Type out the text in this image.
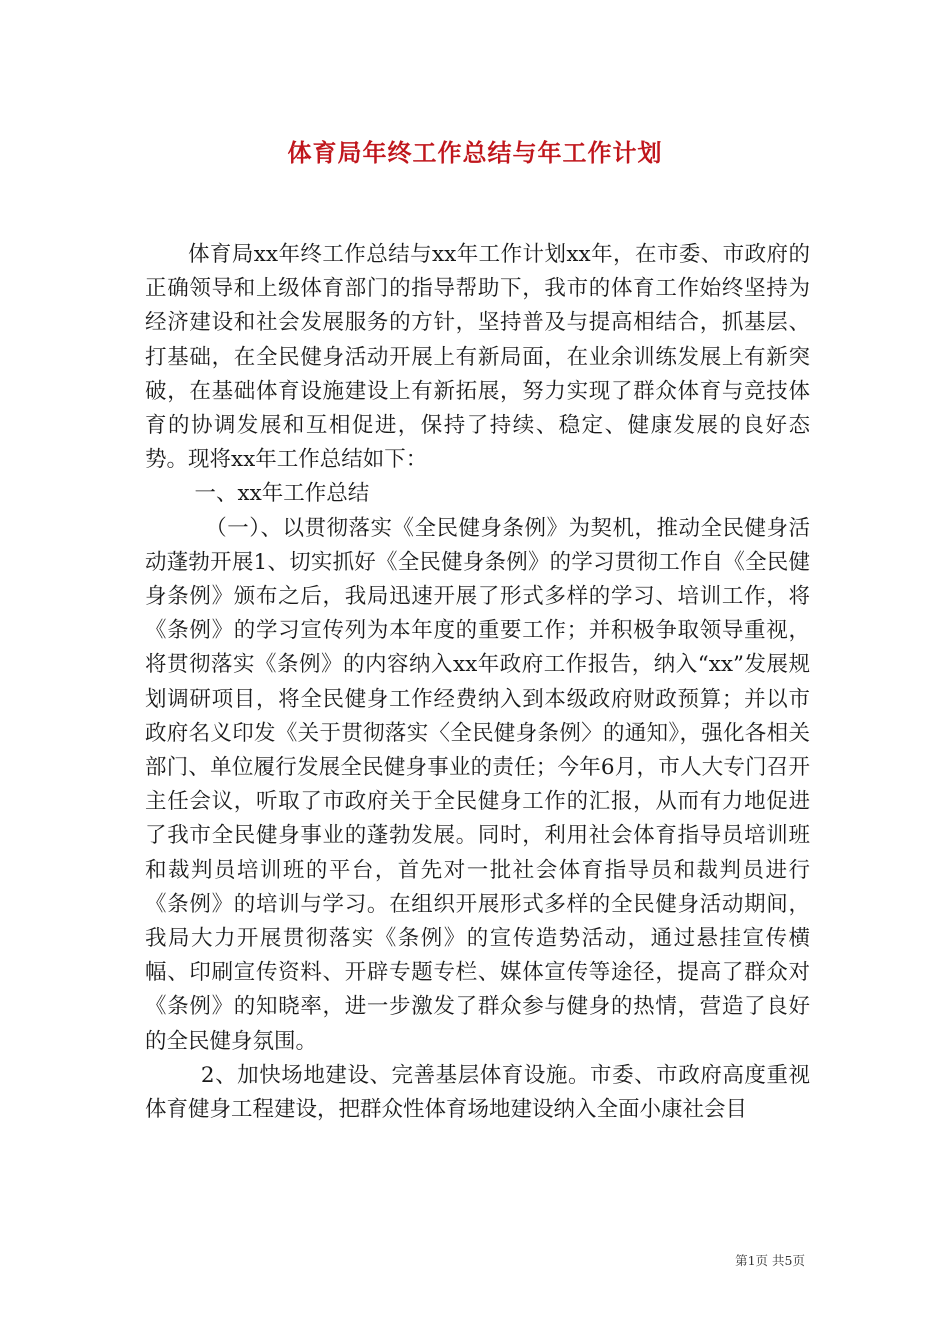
体育局年终工作总结与年工作计划

体育局xx年终工作总结与xx年工作计划xx年，在市委、市政府的正确领导和上级体育部门的指导帮助下，我市的体育工作始终坚持为经济建设和社会发展服务的方针，坚持普及与提高相结合，抓基层、打基础，在全民健身活动开展上有新局面，在业余训练发展上有新突破，在基础体育设施建设上有新拓展，努力实现了群众体育与竞技体育的协调发展和互相促进，保持了持续、稳定、健康发展的良好态势。现将xx年工作总结如下：

一、xx年工作总结

（一）、以贯彻落实《全民健身条例》为契机，推动全民健身活动蓬勃开展1、切实抓好《全民健身条例》的学习贯彻工作自《全民健身条例》颁布之后，我局迅速开展了形式多样的学习、培训工作，将《条例》的学习宣传列为本年度的重要工作；并积极争取领导重视，将贯彻落实《条例》的内容纳入xx年政府工作报告，纳入“xx”发展规划调研项目，将全民健身工作经费纳入到本级政府财政预算；并以市政府名义印发《关于贯彻落实〈全民健身条例〉的通知》，强化各相关部门、单位履行发展全民健身事业的责任；今年6月，市人大专门召开主任会议，听取了市政府关于全民健身工作的汇报，从而有力地促进了我市全民健身事业的蓬勃发展。同时，利用社会体育指导员培训班和裁判员培训班的平台，首先对一批社会体育指导员和裁判员进行《条例》的培训与学习。在组织开展形式多样的全民健身活动期间，我局大力开展贯彻落实《条例》的宣传造势活动，通过悬挂宣传横幅、印刷宣传资料、开辟专题专栏、媒体宣传等途径，提高了群众对《条例》的知晓率，进一步激发了群众参与健身的热情，营造了良好的全民健身氛围。

2、加快场地建设、完善基层体育设施。市委、市政府高度重视体育健身工程建设，把群众性体育场地建设纳入全面小康社会目

第1页 共5页
